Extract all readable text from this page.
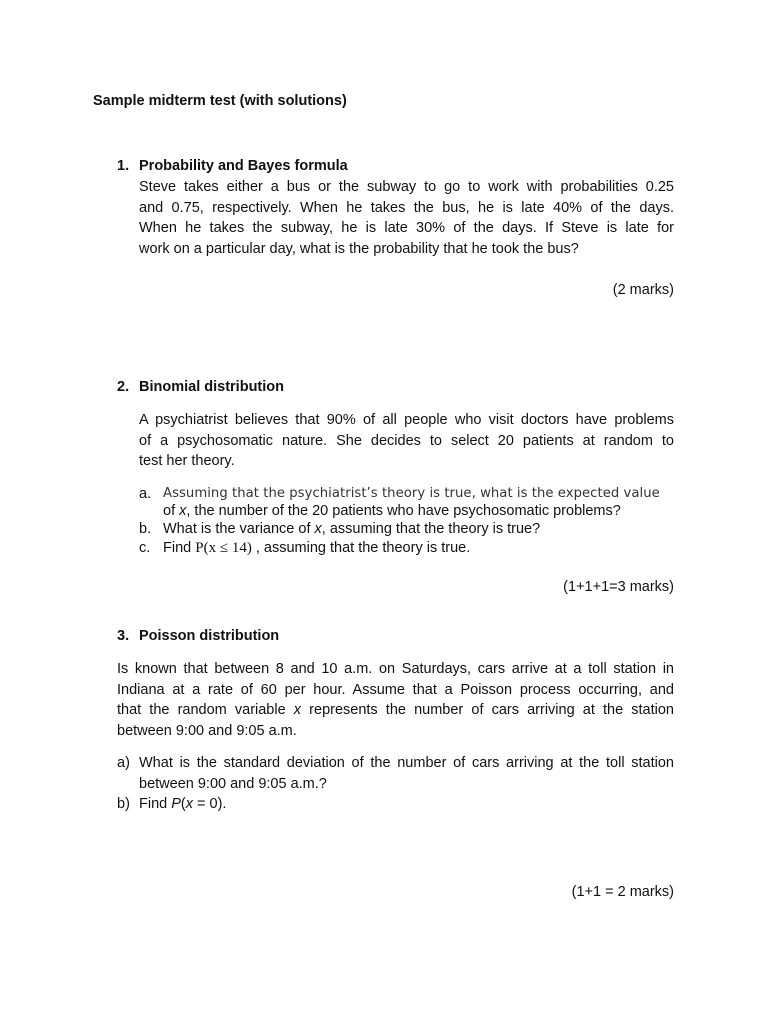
Sample midterm test (with solutions)
1. Probability and Bayes formula
Steve takes either a bus or the subway to go to work with probabilities 0.25
and 0.75, respectively. When he takes the bus, he is late 40% of the days.
When he takes the subway, he is late 30% of the days. If Steve is late for
work on a particular day, what is the probability that he took the bus?
(2 marks)
2. Binomial distribution
A psychiatrist believes that 90% of all people who visit doctors have problems
of a psychosomatic nature. She decides to select 20 patients at random to
test her theory.
a. Assuming that the psychiatrist’s theory is true, what is the expected value
of x, the number of the 20 patients who have psychosomatic problems?
b. What is the variance of x, assuming that the theory is true?
c. Find P(x ≤ 14) , assuming that the theory is true.
(1+1+1=3 marks)
3. Poisson distribution
Is known that between 8 and 10 a.m. on Saturdays, cars arrive at a toll station in
Indiana at a rate of 60 per hour. Assume that a Poisson process occurring, and
that the random variable x represents the number of cars arriving at the station
between 9:00 and 9:05 a.m.
a) What is the standard deviation of the number of cars arriving at the toll station
between 9:00 and 9:05 a.m.?
b) Find P(x = 0).
(1+1 = 2 marks)
